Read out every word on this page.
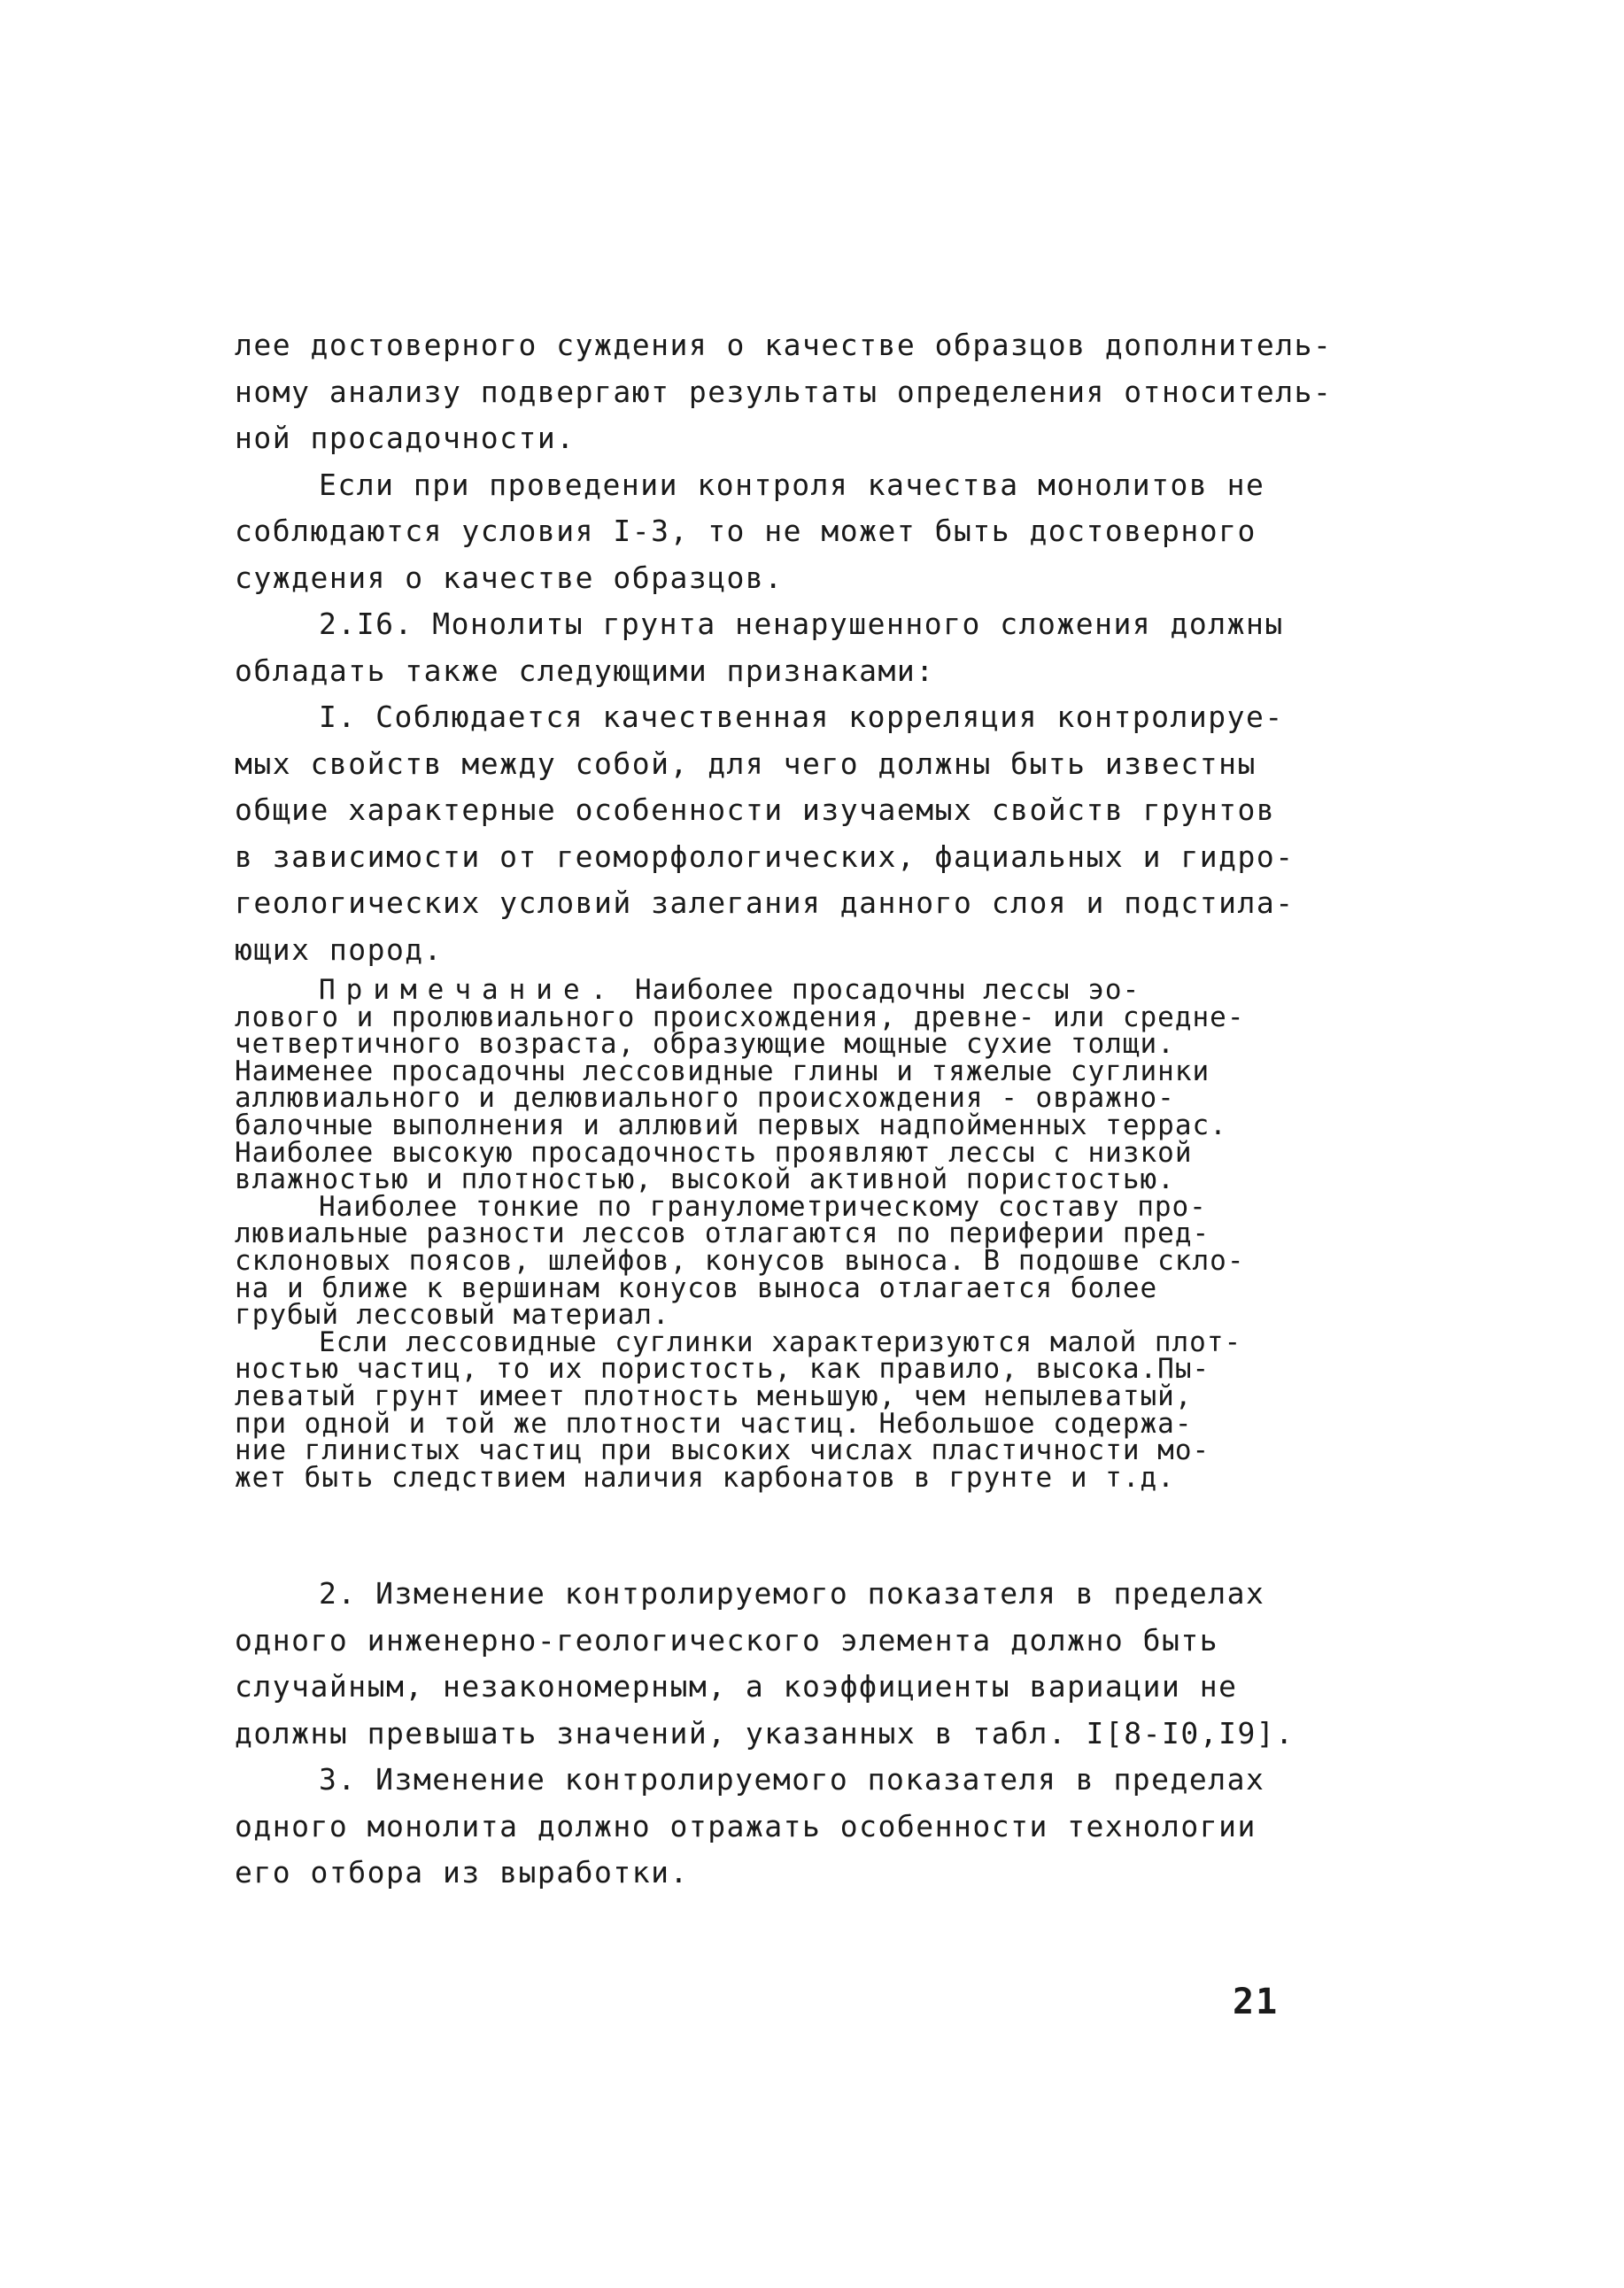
лее достоверного суждения о качестве образцов дополнитель-
ному анализу подвергают результаты определения относитель-
ной просадочности.
Если при проведении контроля качества монолитов не
соблюдаются условия I-3, то не может быть достоверного
суждения о качестве образцов.
2.I6. Монолиты грунта ненарушенного сложения должны
обладать также следующими признаками:
I. Соблюдается качественная корреляция контролируе-
мых свойств между собой, для чего должны быть известны
общие характерные особенности изучаемых свойств грунтов
в зависимости от геоморфологических, фациальных и гидро-
геологических условий залегания данного слоя и подстила-
ющих пород.
Примечание. Наиболее просадочны лессы эо-
лового и пролювиального происхождения, древне- или средне-
четвертичного возраста, образующие мощные сухие толщи.
Наименее просадочны лессовидные глины и тяжелые суглинки
аллювиального и делювиального происхождения - овражно-
балочные выполнения и аллювий первых надпойменных террас.
Наиболее высокую просадочность проявляют лессы с низкой
влажностью и плотностью, высокой активной пористостью.
Наиболее тонкие по гранулометрическому составу про-
лювиальные разности лессов отлагаются по периферии пред-
склоновых поясов, шлейфов, конусов выноса. В подошве скло-
на и ближе к вершинам конусов выноса отлагается более
грубый лессовый материал.
Если лессовидные суглинки характеризуются малой плот-
ностью частиц, то их пористость, как правило, высока.Пы-
леватый грунт имеет плотность меньшую, чем непылеватый,
при одной и той же плотности частиц. Небольшое содержа-
ние глинистых частиц при высоких числах пластичности мо-
жет быть следствием наличия карбонатов в грунте и т.д.
2. Изменение контролируемого показателя в пределах
одного инженерно-геологического элемента должно быть
случайным, незакономерным, а коэффициенты вариации не
должны превышать значений, указанных в табл. I[8-I0,I9].
3. Изменение контролируемого показателя в пределах
одного монолита должно отражать особенности технологии
его отбора из выработки.
21
